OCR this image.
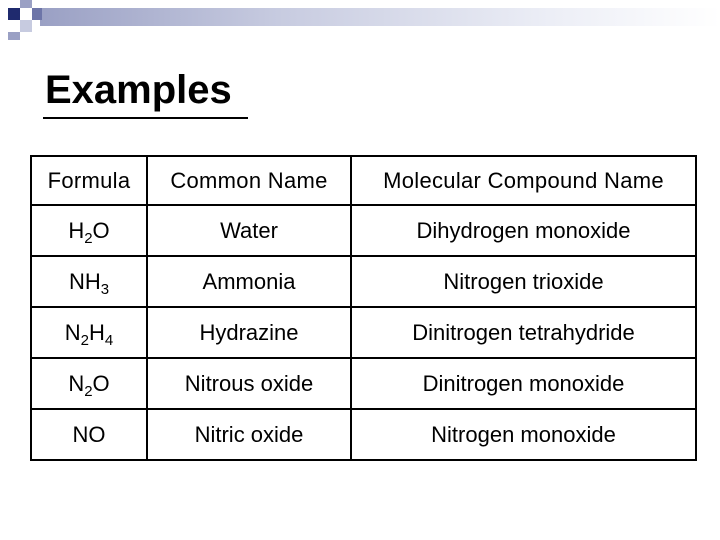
Examples
Formula	Common Name	Molecular Compound Name
$H_2O$	Water	Dihydrogen monoxide
$NH_3$	Ammonia	Nitrogen trioxide
$N_2H_4$	Hydrazine	Dinitrogen tetrahydride
$N_2O$	Nitrous oxide	Dinitrogen monoxide
NO	Nitric oxide	Nitrogen monoxide
